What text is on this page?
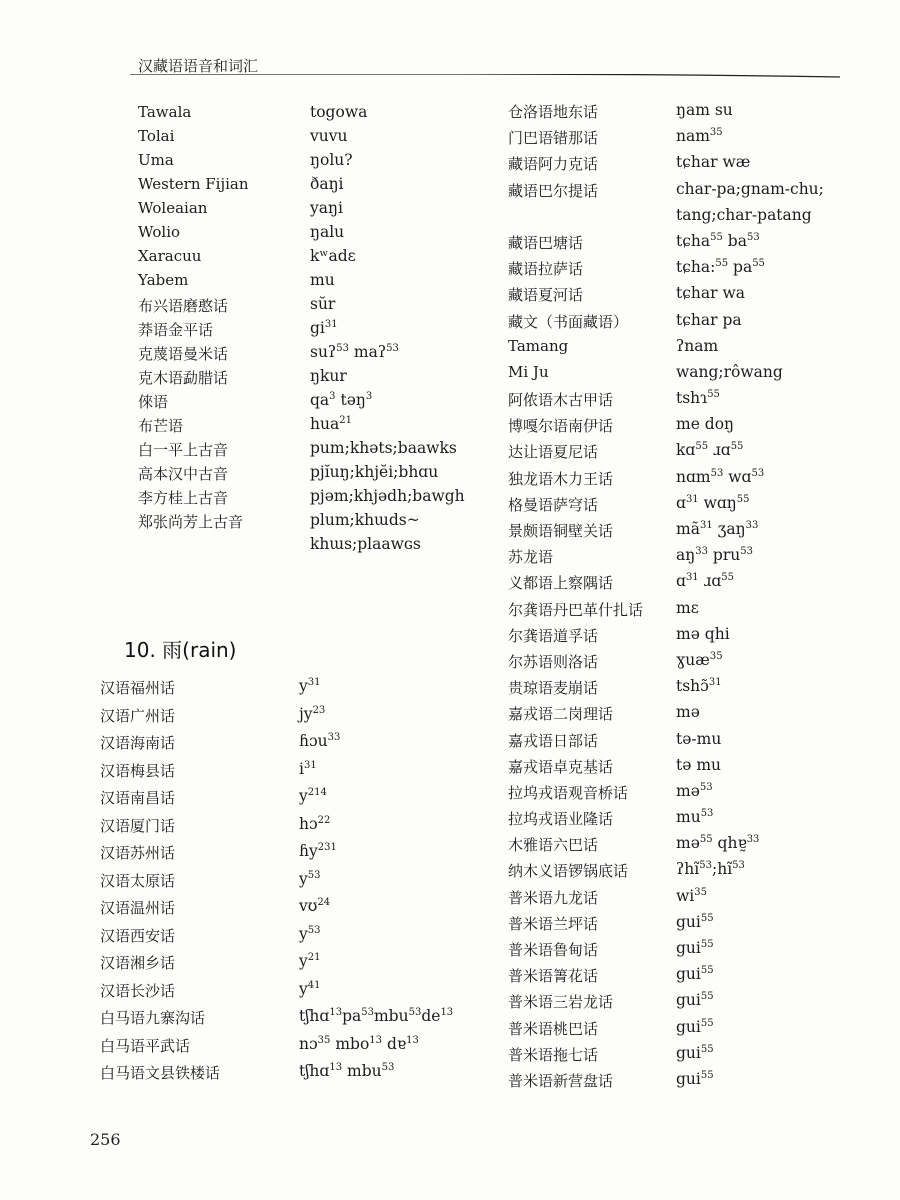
汉藏语语音和词汇
Tawala	togowa
Tolai	vuvu
Uma	ŋolu?
Western Fijian	ðaŋi
Woleaian	yaŋi
Wolio	ŋalu
Xaracuu	kʷadɛ
Yabem	mu
布兴语磨憨话	sŭr
莽语金平话	$gi^{31}$
克蔑语曼米话	suʔ$^{53}$ maʔ$^{53}$
克木语勐腊话	ŋkur
倈语	$qa^3$ təŋ$^3$
布芒语	hua$^{21}$
白一平上古音	pum;khəts;baawks
高本汉中古音	pjĭuŋ;khjĕi;bhɑu
李方桂上古音	pjəm;khjədh;bawgh
郑张尚芳上古音	plum;khɯds~
khɯs;plaawɢs
10. 雨(rain)
汉语福州话	$y^{31}$
汉语广州话	$jy^{23}$
汉语海南话	ɦɔu$^{33}$
汉语梅县话	$i^{31}$
汉语南昌话	$y^{214}$
汉语厦门话	hɔ$^{22}$
汉语苏州话	ɦy$^{231}$
汉语太原话	$y^{53}$
汉语温州话	vʊ$^{24}$
汉语西安话	$y^{53}$
汉语湘乡话	$y^{21}$
汉语长沙话	$y^{41}$
白马语九寨沟话	$tʃhɑ^{13}pa^{53}mbu^{53}de^{13}$
白马语平武话	nɔ$^{35}$ mbo$^{13}$ dɐ$^{13}$
白马语文县铁楼话	tʃhɑ$^{13}$ mbu$^{53}$
仓洛语地东话	ŋam su
门巴语错那话	nam$^{35}$
藏语阿力克话	tɕhar wæ
藏语巴尔提话	char-pa;gnam-chu;
tang;char-patang
藏语巴塘话	tɕha$^{55}$ $ba^{53}$
藏语拉萨话	tɕha:$^{55}$ $pa^{55}$
藏语夏河话	tɕhar wa
藏文（书面藏语）	tɕhar pa
Tamang	ʔnam
Mi Ju	wang;rôwang
阿侬语木古甲话	tshɿ$^{55}$
博嘎尔语南伊话	me doŋ
达让语夏尼话	kɑ$^{55}$ ɹɑ$^{55}$
独龙语木力王话	nɑm$^{53}$ wɑ$^{53}$
格曼语萨穹话	ɑ$^{31}$ wɑŋ$^{55}$
景颇语铜壁关话	$mã^{31}$ ʒaŋ$^{33}$
苏龙语	$aŋ^{33}$ pru$^{53}$
义都语上察隅话	ɑ$^{31}$ ɹɑ$^{55}$
尔龚语丹巴革什扎话 mɛ
尔龚语道孚话	mə qhi
尔苏语则洛话	ɣuæ$^{35}$
贵琼语麦崩话	tshɔ̃$^{31}$
嘉戎语二岗理话	mə
嘉戎语日部话	tə-mu
嘉戎语卓克基话	tə mu
拉坞戎语观音桥话	mə$^{53}$
拉坞戎语业隆话	$mu^{53}$
木雅语六巴话	mə$^{55}$ qhɐ̰$^{33}$
纳木义语锣锅底话	$ʔhĩ^{53};hĩ^{53}$
普米语九龙话	$wi^{35}$
普米语兰坪话	gui$^{55}$
普米语鲁甸话	gui$^{55}$
普米语箐花话	gui$^{55}$
普米语三岩龙话	gui$^{55}$
普米语桃巴话	gui$^{55}$
普米语拖七话	gui$^{55}$
普米语新营盘话	gui$^{55}$
256
